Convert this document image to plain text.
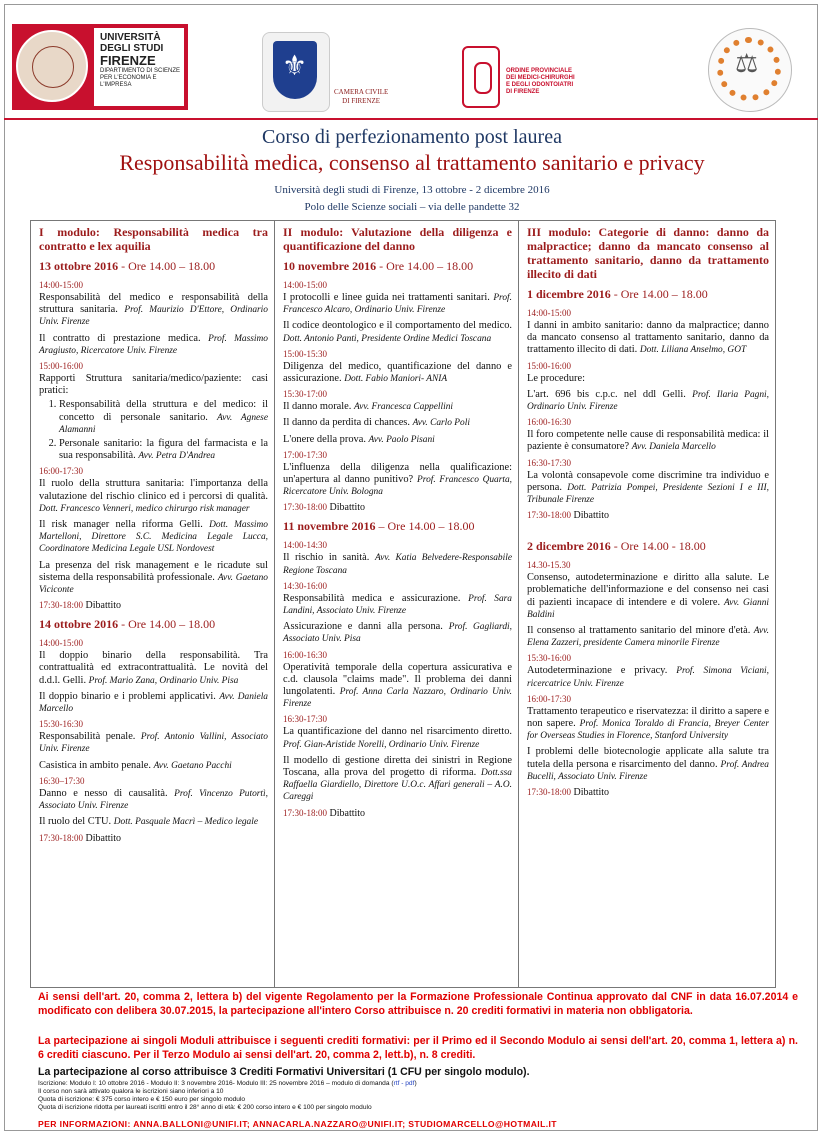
UNIVERSITÀ
DEGLI STUDI
FIRENZE
DIPARTIMENTO DI SCIENZE PER L'ECONOMIA E L'IMPRESA
⚜
CAMERA CIVILE
DI FIRENZE
ORDINE PROVINCIALE
DEI MEDICI-CHIRURGHI
E DEGLI ODONTOIATRI
DI FIRENZE
⚖
Corso di perfezionamento post laurea
Responsabilità medica, consenso al trattamento sanitario e privacy
Università degli studi di Firenze, 13 ottobre - 2 dicembre 2016
Polo delle Scienze sociali – via delle pandette 32
I modulo: Responsabilità medica tra contratto e lex aquilia
13 ottobre 2016 - Ore 14.00 – 18.00
14:00-15:00
Responsabilità del medico e responsabilità della struttura sanitaria. Prof. Maurizio D'Ettore, Ordinario Univ. Firenze
Il contratto di prestazione medica. Prof. Massimo Aragiusto, Ricercatore Univ. Firenze
15:00-16:00
Rapporti Struttura sanitaria/medico/paziente: casi pratici:
1. Responsabilità della struttura e del medico: il concetto di personale sanitario. Avv. Agnese Alamanni
2. Personale sanitario: la figura del farmacista e la sua responsabilità. Avv. Petra D'Andrea
16:00-17:30
Il ruolo della struttura sanitaria: l'importanza della valutazione del rischio clinico ed i percorsi di qualità. Dott. Francesco Venneri, medico chirurgo risk manager
Il risk manager nella riforma Gelli. Dott. Massimo Martelloni, Direttore S.C. Medicina Legale Lucca, Coordinatore Medicina Legale USL Nordovest
La presenza del risk management e le ricadute sul sistema della responsabilità professionale. Avv. Gaetano Viciconte
17:30-18:00 Dibattito
14 ottobre 2016 - Ore 14.00 – 18.00
14:00-15:00
Il doppio binario della responsabilità. Tra contrattualità ed extracontrattualità. Le novità del d.d.l. Gelli. Prof. Mario Zana, Ordinario Univ. Pisa
Il doppio binario e i problemi applicativi. Avv. Daniela Marcello
15:30-16:30
Responsabilità penale. Prof. Antonio Vallini, Associato Univ. Firenze
Casistica in ambito penale. Avv. Gaetano Pacchi
16:30–17:30
Danno e nesso di causalità. Prof. Vincenzo Putortì, Associato Univ. Firenze
Il ruolo del CTU. Dott. Pasquale Macrì – Medico legale
17:30-18:00 Dibattito
II modulo: Valutazione della diligenza e quantificazione del danno
10 novembre 2016 - Ore 14.00 – 18.00
14:00-15:00
I protocolli e linee guida nei trattamenti sanitari. Prof. Francesco Alcaro, Ordinario Univ. Firenze
Il codice deontologico e il comportamento del medico. Dott. Antonio Panti, Presidente Ordine Medici Toscana
15:00-15:30
Diligenza del medico, quantificazione del danno e assicurazione. Dott. Fabio Maniori- ANIA
15:30-17:00
Il danno morale. Avv. Francesca Cappellini
Il danno da perdita di chances. Avv. Carlo Poli
L'onere della prova. Avv. Paolo Pisani
17:00-17:30
L'influenza della diligenza nella qualificazione: un'apertura al danno punitivo? Prof. Francesco Quarta, Ricercatore Univ. Bologna
17:30-18:00 Dibattito
11 novembre 2016 – Ore 14.00 – 18.00
14:00-14:30
Il rischio in sanità. Avv. Katia Belvedere-Responsabile Regione Toscana
14:30-16:00
Responsabilità medica e assicurazione. Prof. Sara Landini, Associato Univ. Firenze
Assicurazione e danni alla persona. Prof. Gagliardi, Associato Univ. Pisa
16:00-16:30
Operatività temporale della copertura assicurativa e c.d. clausola "claims made". Il problema dei danni lungolatenti. Prof. Anna Carla Nazzaro, Ordinario Univ. Firenze
16:30-17:30
La quantificazione del danno nel risarcimento diretto. Prof. Gian-Aristide Norelli, Ordinario Univ. Firenze
Il modello di gestione diretta dei sinistri in Regione Toscana, alla prova del progetto di riforma. Dott.ssa Raffaella Giardiello, Direttore U.O.c. Affari generali – A.O. Careggi
17:30-18:00 Dibattito
III modulo: Categorie di danno: danno da malpractice; danno da mancato consenso al trattamento sanitario, danno da trattamento illecito di dati
1 dicembre 2016 - Ore 14.00 – 18.00
14:00-15:00
I danni in ambito sanitario: danno da malpractice; danno da mancato consenso al trattamento sanitario, danno da trattamento illecito di dati. Dott. Liliana Anselmo, GOT
15:00-16:00
Le procedure:
L'art. 696 bis c.p.c. nel ddl Gelli. Prof. Ilaria Pagni, Ordinario Univ. Firenze
16:00-16:30
Il foro competente nelle cause di responsabilità medica: il paziente è consumatore? Avv. Daniela Marcello
16:30-17:30
La volontà consapevole come discrimine tra individuo e persona. Dott. Patrizia Pompei, Presidente Sezioni I e III, Tribunale Firenze
17:30-18:00 Dibattito
2 dicembre 2016 - Ore 14.00 - 18.00
14.30-15.30
Consenso, autodeterminazione e diritto alla salute. Le problematiche dell'informazione e del consenso nei casi di pazienti incapace di intendere e di volere. Avv. Gianni Baldini
Il consenso al trattamento sanitario del minore d'età. Avv. Elena Zazzeri, presidente Camera minorile Firenze
15:30-16:00
Autodeterminazione e privacy. Prof. Simona Viciani, ricercatrice Univ. Firenze
16:00-17:30
Trattamento terapeutico e riservatezza: il diritto a sapere e non sapere. Prof. Monica Toraldo di Francia, Breyer Center for Overseas Studies in Florence, Stanford University
I problemi delle biotecnologie applicate alla salute tra tutela della persona e risarcimento del danno. Prof. Andrea Bucelli, Associato Univ. Firenze
17:30-18:00 Dibattito
Ai sensi dell'art. 20, comma 2, lettera b) del vigente Regolamento per la Formazione Professionale Continua approvato dal CNF in data 16.07.2014 e modificato con delibera 30.07.2015, la partecipazione all'intero Corso attribuisce n. 20 crediti formativi in materia non obbligatoria.
La partecipazione ai singoli Moduli attribuisce i seguenti crediti formativi: per il Primo ed il Secondo Modulo ai sensi dell'art. 20, comma 1, lettera a) n. 6 crediti ciascuno. Per il Terzo Modulo ai sensi dell'art. 20, comma 2, lett.b), n. 8 crediti.
La partecipazione al corso attribuisce 3 Crediti Formativi Universitari (1 CFU per singolo modulo).
Iscrizione: Modulo I: 10 ottobre 2016 - Modulo II: 3 novembre 2016- Modulo III: 25 novembre 2016 – modulo di domanda (rtf - pdf)
Il corso non sarà attivato qualora le iscrizioni siano inferiori a 10
Quota di iscrizione: € 375 corso intero e € 150 euro per singolo modulo
Quota di iscrizione ridotta per laureati iscritti entro il 28° anno di età: € 200 corso intero e € 100 per singolo modulo
PER INFORMAZIONI: ANNA.BALLONI@UNIFI.IT; ANNACARLA.NAZZARO@UNIFI.IT; STUDIOMARCELLO@HOTMAIL.IT
